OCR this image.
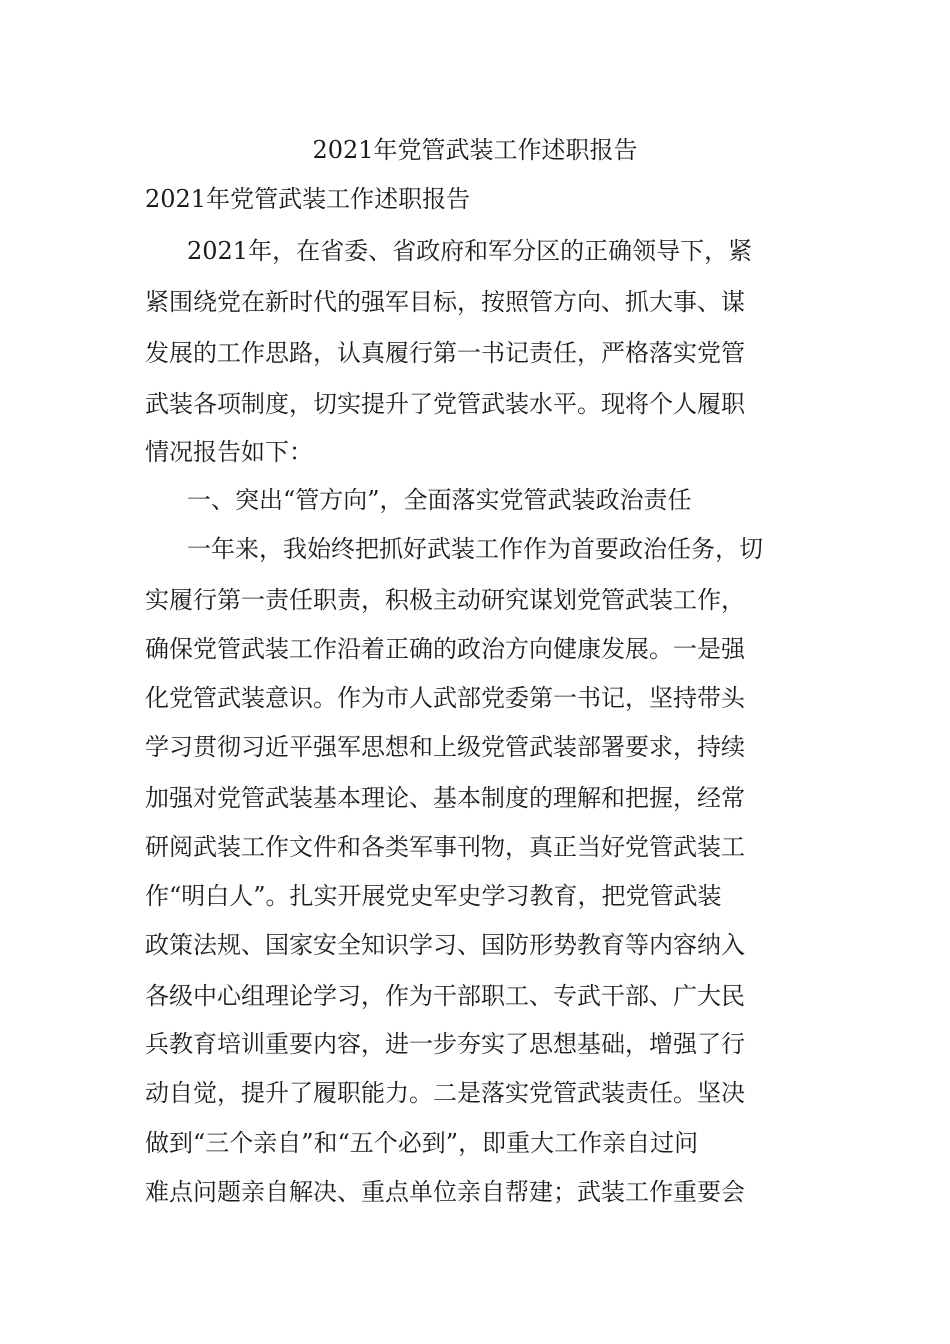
2021年党管武装工作述职报告
2021年党管武装工作述职报告
2021年，在省委、省政府和军分区的正确领导下，紧
紧围绕党在新时代的强军目标，按照管方向、抓大事、谋
发展的工作思路，认真履行第一书记责任，严格落实党管
武装各项制度，切实提升了党管武装水平。现将个人履职
情况报告如下：
一、突出“管方向”，全面落实党管武装政治责任
一年来，我始终把抓好武装工作作为首要政治任务，切
实履行第一责任职责，积极主动研究谋划党管武装工作，
确保党管武装工作沿着正确的政治方向健康发展。一是强
化党管武装意识。作为市人武部党委第一书记，坚持带头
学习贯彻习近平强军思想和上级党管武装部署要求，持续
加强对党管武装基本理论、基本制度的理解和把握，经常
研阅武装工作文件和各类军事刊物，真正当好党管武装工
作“明白人”。扎实开展党史军史学习教育，把党管武装
政策法规、国家安全知识学习、国防形势教育等内容纳入
各级中心组理论学习，作为干部职工、专武干部、广大民
兵教育培训重要内容，进一步夯实了思想基础，增强了行
动自觉，提升了履职能力。二是落实党管武装责任。坚决
做到“三个亲自”和“五个必到”，即重大工作亲自过问
难点问题亲自解决、重点单位亲自帮建；武装工作重要会
